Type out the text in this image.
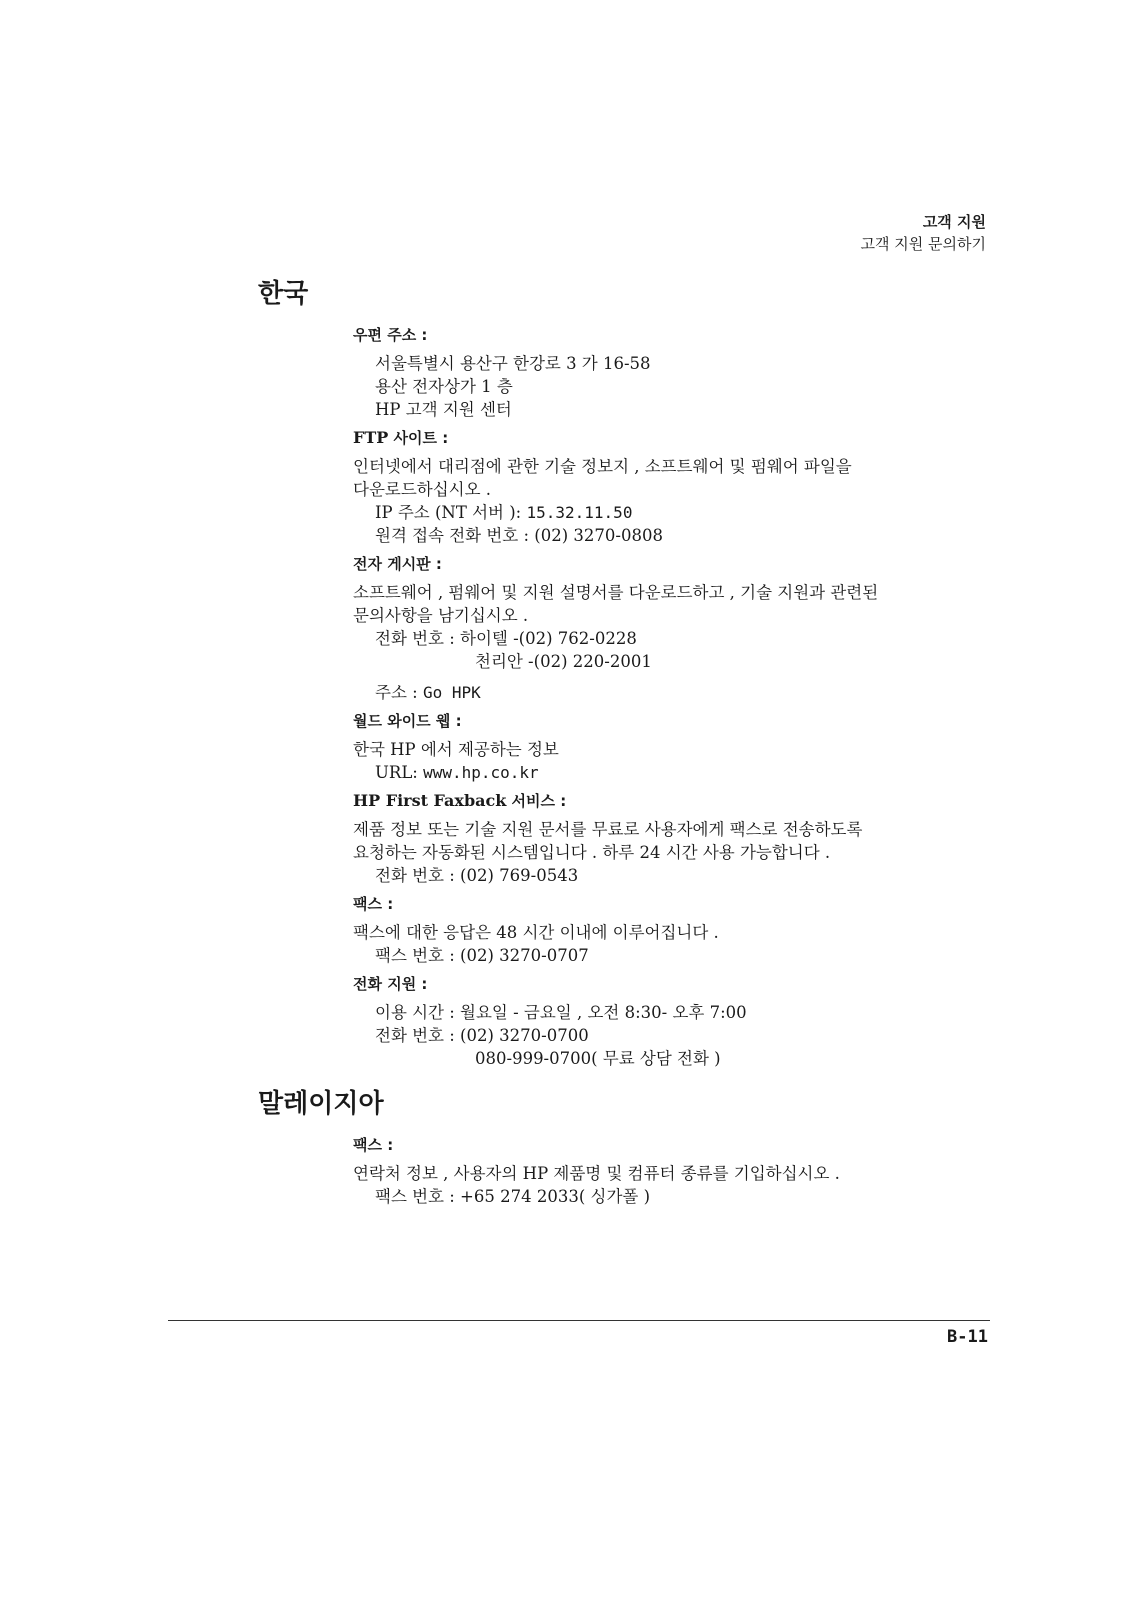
고객 지원
고객 지원 문의하기
한국
우편 주소 :
서울특별시 용산구 한강로 3 가 16-58
용산 전자상가 1 층
HP 고객 지원 센터
FTP 사이트 :
인터넷에서 대리점에 관한 기술 정보지 , 소프트웨어 및 펌웨어 파일을
다운로드하십시오 .
IP 주소 (NT 서버 ): 15.32.11.50
원격 접속 전화 번호 : (02) 3270-0808
전자 게시판 :
소프트웨어 , 펌웨어 및 지원 설명서를 다운로드하고 , 기술 지원과 관련된
문의사항을 남기십시오 .
전화 번호 : 하이텔 -(02) 762-0228
천리안 -(02) 220-2001
주소 : Go HPK
월드 와이드 웹 :
한국 HP 에서 제공하는 정보
URL: www.hp.co.kr
HP First Faxback 서비스 :
제품 정보 또는 기술 지원 문서를 무료로 사용자에게 팩스로 전송하도록
요청하는 자동화된 시스템입니다 . 하루 24 시간 사용 가능합니다 .
전화 번호 : (02) 769-0543
팩스 :
팩스에 대한 응답은 48 시간 이내에 이루어집니다 .
팩스 번호 : (02) 3270-0707
전화 지원 :
이용 시간 : 월요일 - 금요일 , 오전 8:30- 오후 7:00
전화 번호 : (02) 3270-0700
080-999-0700( 무료 상담 전화 )
말레이지아
팩스 :
연락처 정보 , 사용자의 HP 제품명 및 컴퓨터 종류를 기입하십시오 .
팩스 번호 : +65 274 2033( 싱가폴 )
B-11
